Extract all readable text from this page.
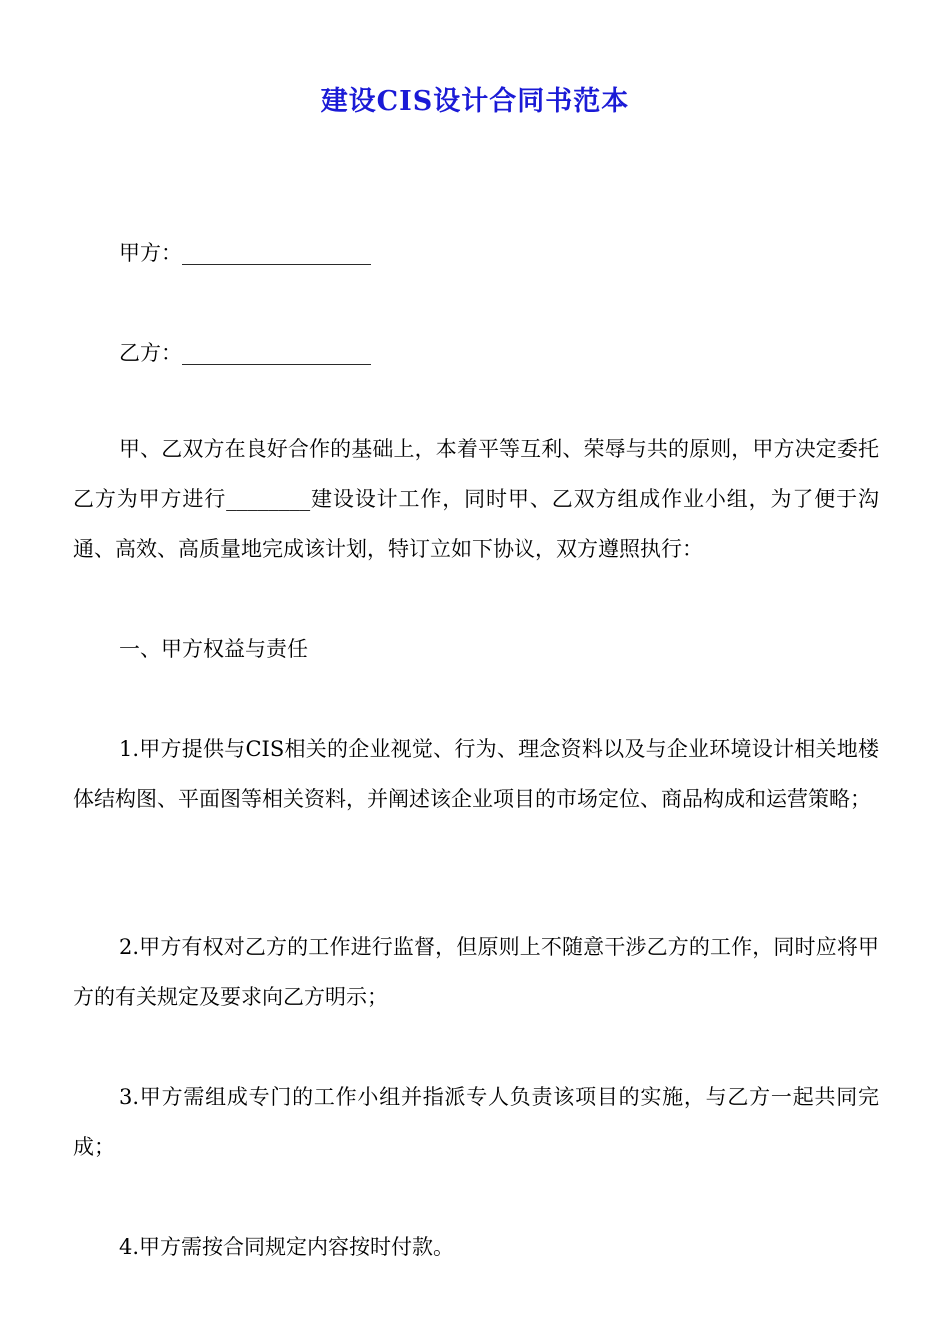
建设CIS设计合同书范本
甲方：__________________
乙方：__________________
甲、乙双方在良好合作的基础上，本着平等互利、荣辱与共的原则，甲方决定委托乙方为甲方进行________建设设计工作，同时甲、乙双方组成作业小组，为了便于沟通、高效、高质量地完成该计划，特订立如下协议，双方遵照执行：
一、甲方权益与责任
1.甲方提供与CIS相关的企业视觉、行为、理念资料以及与企业环境设计相关地楼体结构图、平面图等相关资料，并阐述该企业项目的市场定位、商品构成和运营策略；
2.甲方有权对乙方的工作进行监督，但原则上不随意干涉乙方的工作，同时应将甲方的有关规定及要求向乙方明示；
3.甲方需组成专门的工作小组并指派专人负责该项目的实施，与乙方一起共同完成；
4.甲方需按合同规定内容按时付款。
